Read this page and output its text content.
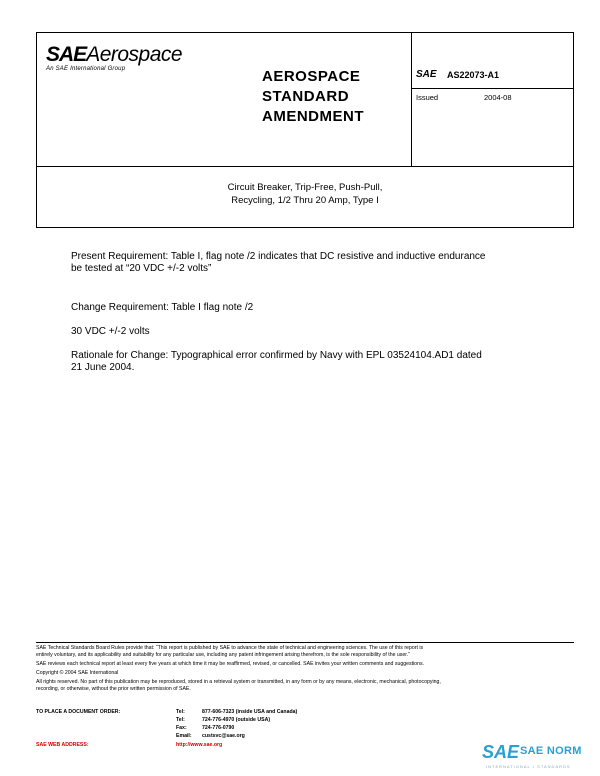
SAEAerospace
An SAE International Group	AEROSPACE
STANDARD
AMENDMENT
SAE AS22073-A1
Issued	2004-08
Circuit Breaker, Trip-Free, Push-Pull,
Recycling, 1/2 Thru 20 Amp, Type I
Present Requirement: Table I, flag note /2 indicates that DC resistive and inductive endurance
be tested at “20 VDC +/-2 volts”
Change Requirement: Table I flag note /2
30 VDC +/-2 volts
Rationale for Change: Typographical error confirmed by Navy with EPL 03524104.AD1 dated
21 June 2004.
SAE Technical Standards Board Rules provide that: “This report is published by SAE to advance the state of technical and engineering sciences. The use of this report is
entirely voluntary, and its applicability and suitability for any particular use, including any patent infringement arising therefrom, is the sole responsibility of the user.”
SAE reviews each technical report at least every five years at which time it may be reaffirmed, revised, or cancelled. SAE invites your written comments and suggestions.
Copyright © 2004 SAE International
All rights reserved. No part of this publication may be reproduced, stored in a retrieval system or transmitted, in any form or by any means, electronic, mechanical, photocopying,
recording, or otherwise, without the prior written permission of SAE.
TO PLACE A DOCUMENT ORDER:	Tel:	877-606-7323 (inside USA and Canada)
Tel:	724-776-4970 (outside USA)
Fax:	724-776-0790
Email: custsvc@sae.org
SAE WEB ADDRESS:	http://www.sae.org	SAE SAE NORM
INTERNATIONAL • STANDARDS
